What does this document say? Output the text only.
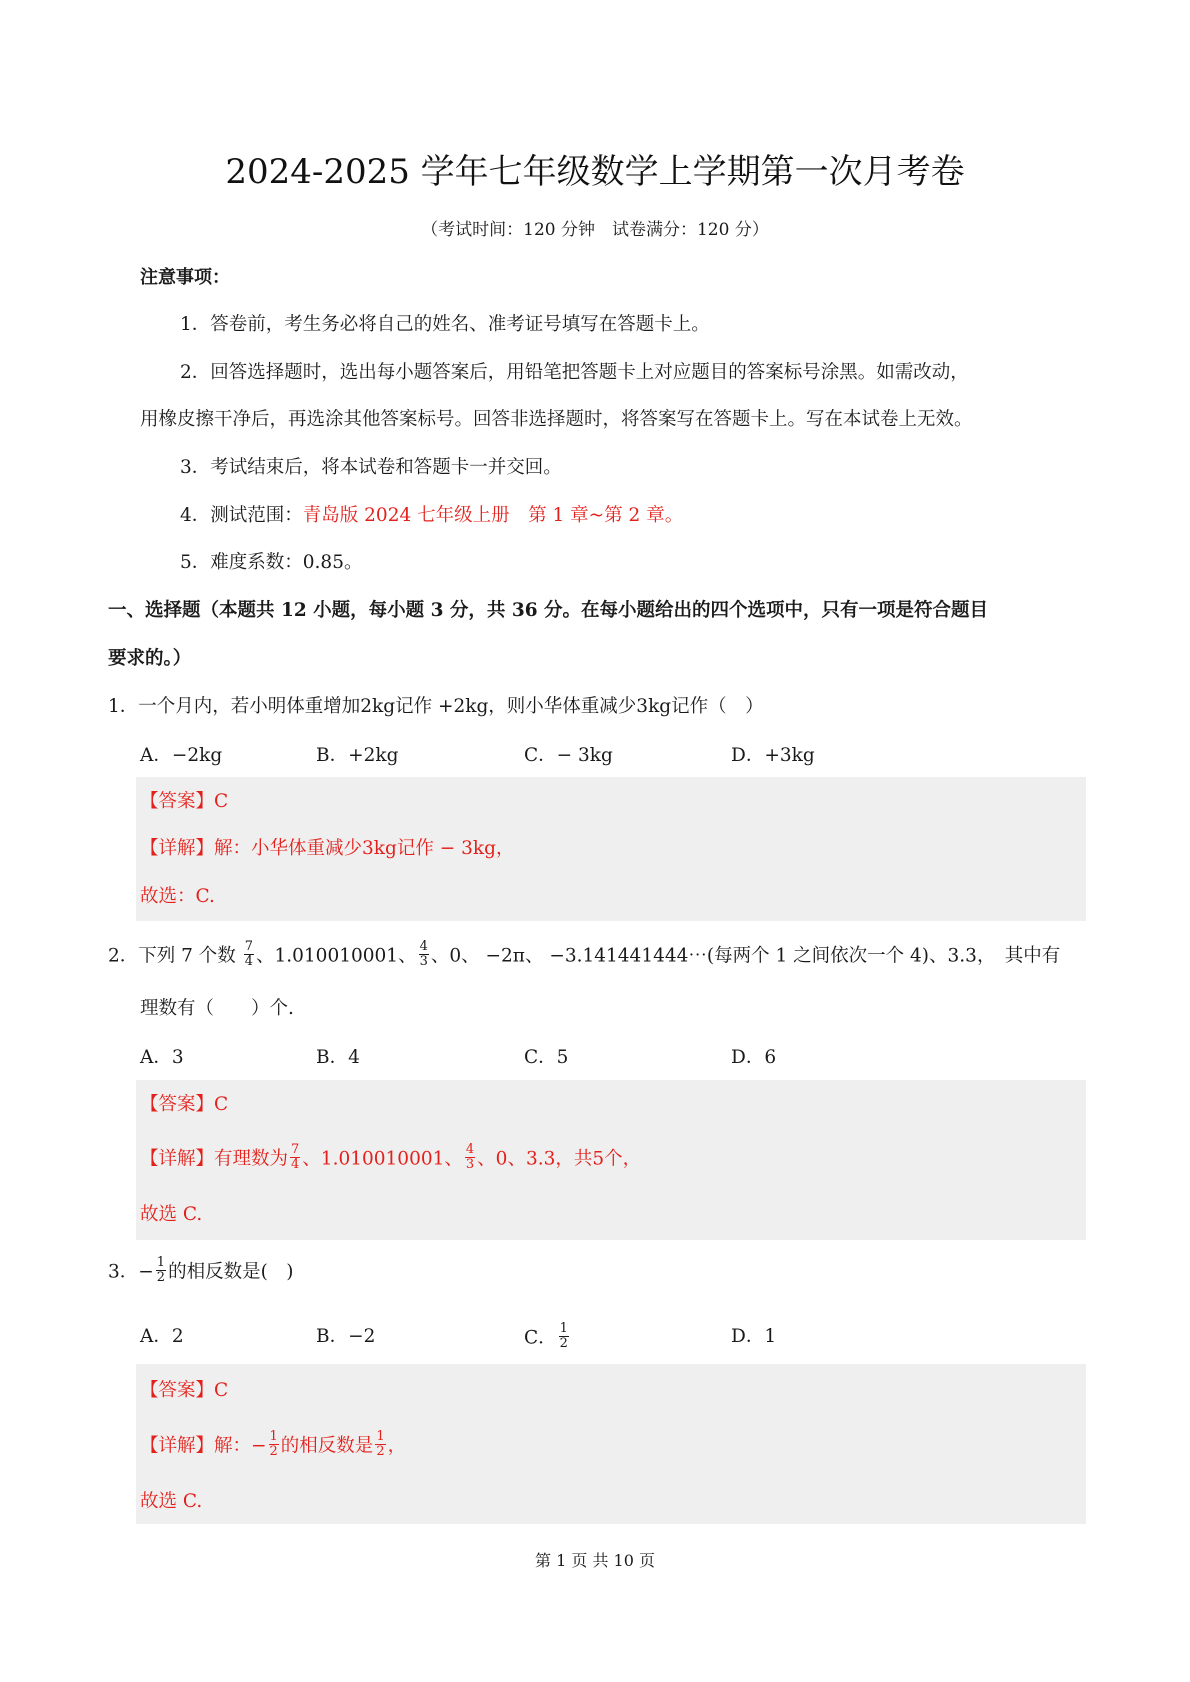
2024-2025 学年七年级数学上学期第一次月考卷
（考试时间：120 分钟　试卷满分：120 分）
注意事项：
1．答卷前，考生务必将自己的姓名、准考证号填写在答题卡上。
2．回答选择题时，选出每小题答案后，用铅笔把答题卡上对应题目的答案标号涂黑。如需改动，
用橡皮擦干净后，再选涂其他答案标号。回答非选择题时，将答案写在答题卡上。写在本试卷上无效。
3．考试结束后，将本试卷和答题卡一并交回。
4．测试范围：青岛版 2024 七年级上册　第 1 章~第 2 章。
5．难度系数：0.85。
一、选择题（本题共 12 小题，每小题 3 分，共 36 分。在每小题给出的四个选项中，只有一项是符合题目
要求的。）
1．一个月内，若小明体重增加2kg记作 +2kg，则小华体重减少3kg记作（　）
A．−2kg	B．+2kg	C．− 3kg	D．+3kg
【答案】C
【详解】解：小华体重减少3kg记作 − 3kg，
故选：C.
2．下列 7 个数 $\frac{7}{4}$ 、1.010010001、 $\frac{4}{3}$ 、0、 −2π、 −3.141441444⋯(每两个 1 之间依次一个 4)、3.3，　其中有
理数有（　　）个.
A．3	B．4	C．5	D．6
【答案】C
【详解】有理数为 $\frac{7}{4}$ 、1.010010001、 $\frac{4}{3}$ 、0、3.3，共5个，
故选 C.
3．− $\frac{1}{2}$ 的相反数是(　)
A．2	B．−2	C． $\frac{1}{2}$	D．1
【答案】C
【详解】解：− $\frac{1}{2}$ 的相反数是 $\frac{1}{2}$ ，
故选 C.
第 1 页 共 10 页
